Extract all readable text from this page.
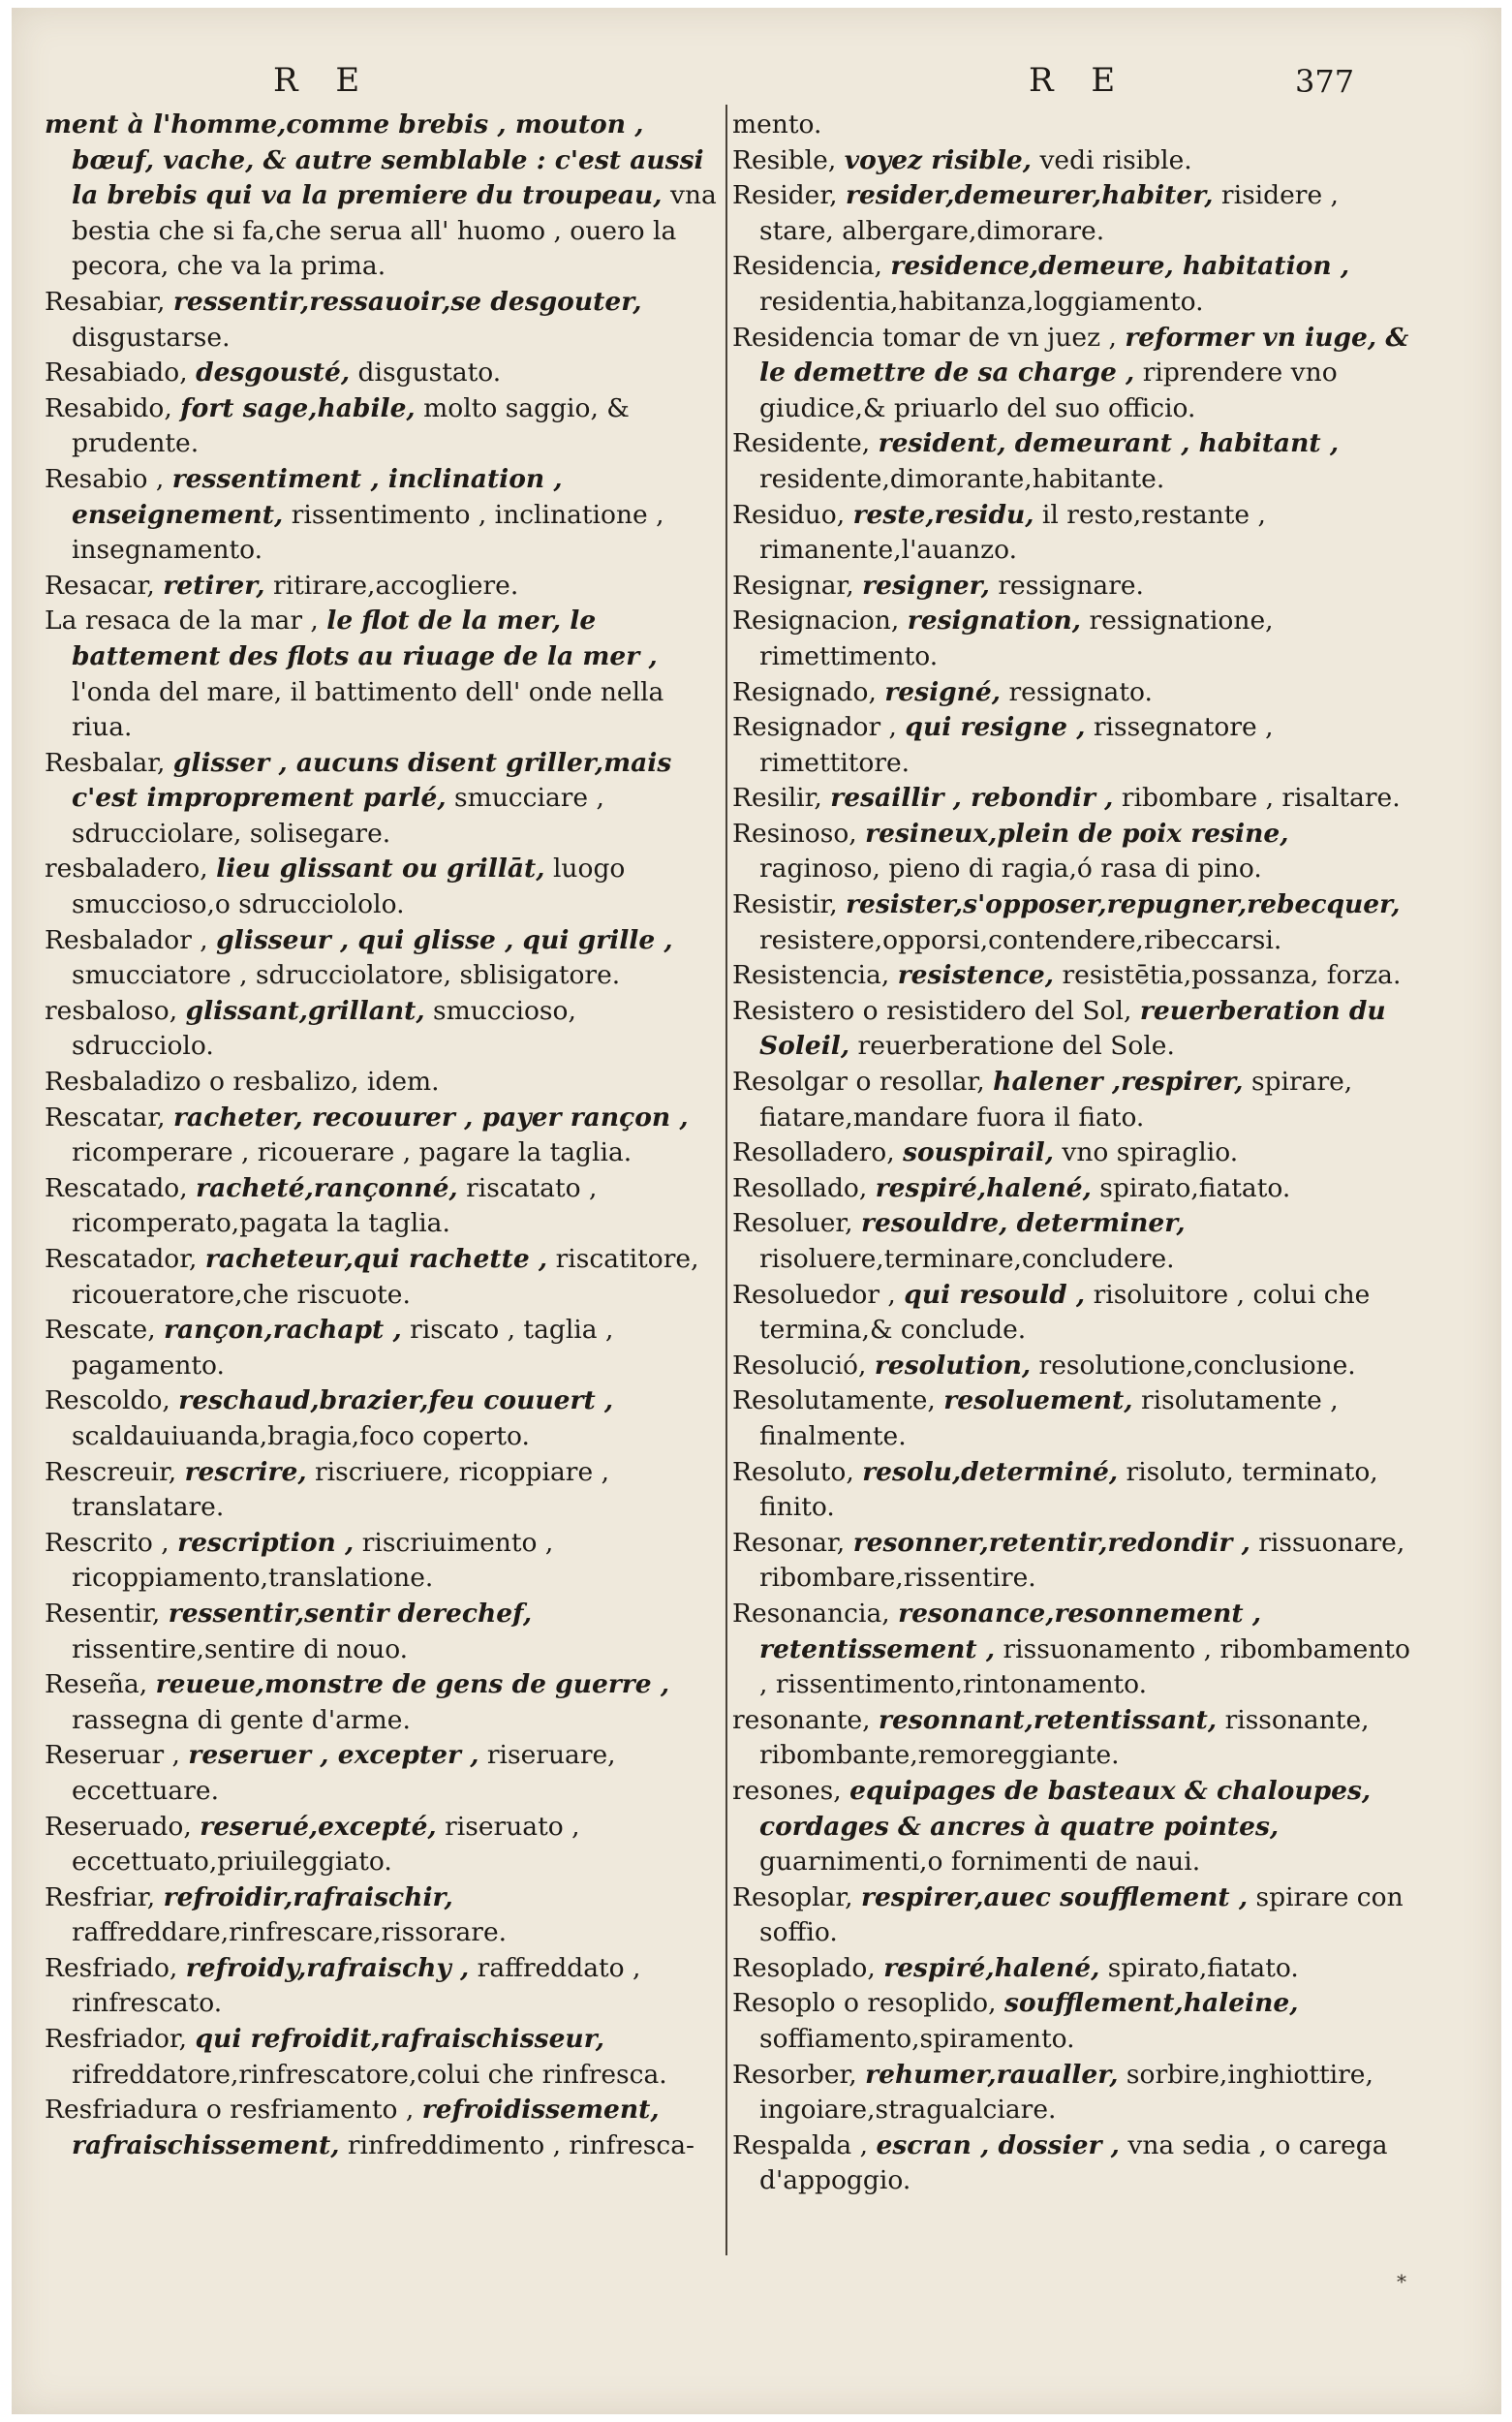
R E	R E	377
ment à l'homme,comme brebis , mouton , bœuf, vache, & autre semblable : c'est aussi la brebis qui va la premiere du troupeau, vna bestia che si fa,che serua all' huomo , ouero la pecora, che va la prima.
Resabiar, ressentir,ressauoir,se desgouter, disgustarse.
Resabiado, desgousté, disgustato.
Resabido, fort sage,habile, molto saggio, & prudente.
Resabio , ressentiment , inclination , enseignement, rissentimento , inclinatione , insegnamento.
Resacar, retirer, ritirare,accogliere.
La resaca de la mar , le flot de la mer, le battement des flots au riuage de la mer , l'onda del mare, il battimento dell' onde nella riua.
Resbalar, glisser , aucuns disent griller,mais c'est improprement parlé, smucciare , sdrucciolare, solisegare.
resbaladero, lieu glissant ou grillāt, luogo smuccioso,o sdrucciololo.
Resbalador , glisseur , qui glisse , qui grille , smucciatore , sdrucciolatore, sblisigatore.
resbaloso, glissant,grillant, smuccioso, sdrucciolo.
Resbaladizo o resbalizo, idem.
Rescatar, racheter, recouurer , payer rançon , ricomperare , ricouerare , pagare la taglia.
Rescatado, racheté,rançonné, riscatato , ricomperato,pagata la taglia.
Rescatador, racheteur,qui rachette , riscatitore, ricoueratore,che riscuote.
Rescate, rançon,rachapt , riscato , taglia , pagamento.
Rescoldo, reschaud,brazier,feu couuert , scaldauiuanda,bragia,foco coperto.
Rescreuir, rescrire, riscriuere, ricoppiare , translatare.
Rescrito , rescription , riscriuimento , ricoppiamento,translatione.
Resentir, ressentir,sentir derechef, rissentire,sentire di nouo.
Reseña, reueue,monstre de gens de guerre , rassegna di gente d'arme.
Reseruar , reseruer , excepter , riseruare, eccettuare.
Reseruado, reserué,excepté, riseruato , eccettuato,priuileggiato.
Resfriar, refroidir,rafraischir, raffreddare,rinfrescare,rissorare.
Resfriado, refroidy,rafraischy , raffreddato , rinfrescato.
Resfriador, qui refroidit,rafraischisseur, rifreddatore,rinfrescatore,colui che rinfresca.
Resfriadura o resfriamento , refroidissement, rafraischissement, rinfreddimento , rinfresca-
mento.
Resible, voyez risible, vedi risible.
Resider, resider,demeurer,habiter, risidere , stare, albergare,dimorare.
Residencia, residence,demeure, habitation , residentia,habitanza,loggiamento.
Residencia tomar de vn juez , reformer vn iuge, & le demettre de sa charge , riprendere vno giudice,& priuarlo del suo officio.
Residente, resident, demeurant , habitant , residente,dimorante,habitante.
Residuo, reste,residu, il resto,restante , rimanente,l'auanzo.
Resignar, resigner, ressignare.
Resignacion, resignation, ressignatione, rimettimento.
Resignado, resigné, ressignato.
Resignador , qui resigne , rissegnatore , rimettitore.
Resilir, resaillir , rebondir , ribombare , risaltare.
Resinoso, resineux,plein de poix resine, raginoso, pieno di ragia,ó rasa di pino.
Resistir, resister,s'opposer,repugner,rebecquer, resistere,opporsi,contendere,ribeccarsi.
Resistencia, resistence, resistētia,possanza, forza.
Resistero o resistidero del Sol, reuerberation du Soleil, reuerberatione del Sole.
Resolgar o resollar, halener ,respirer, spirare, fiatare,mandare fuora il fiato.
Resolladero, souspirail, vno spiraglio.
Resollado, respiré,halené, spirato,fiatato.
Resoluer, resouldre, determiner, risoluere,terminare,concludere.
Resoluedor , qui resould , risoluitore , colui che termina,& conclude.
Resolució, resolution, resolutione,conclusione.
Resolutamente, resoluement, risolutamente , finalmente.
Resoluto, resolu,determiné, risoluto, terminato, finito.
Resonar, resonner,retentir,redondir , rissuonare, ribombare,rissentire.
Resonancia, resonance,resonnement , retentissement , rissuonamento , ribombamento , rissentimento,rintonamento.
resonante, resonnant,retentissant, rissonante, ribombante,remoreggiante.
resones, equipages de basteaux & chaloupes, cordages & ancres à quatre pointes, guarnimenti,o fornimenti de naui.
Resoplar, respirer,auec soufflement , spirare con soffio.
Resoplado, respiré,halené, spirato,fiatato.
Resoplo o resoplido, soufflement,haleine, soffiamento,spiramento.
Resorber, rehumer,raualler, sorbire,inghiottire, ingoiare,stragualciare.
Respalda , escran , dossier , vna sedia , o carega d'appoggio.
*
